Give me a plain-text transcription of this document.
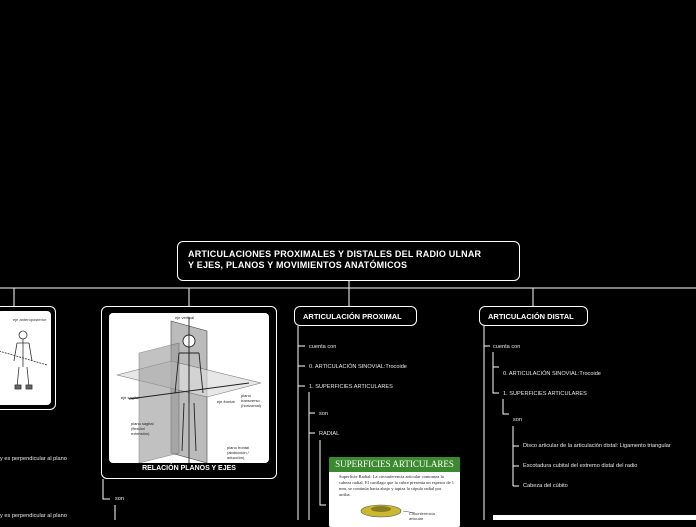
ARTICULACIONES PROXIMALES Y DISTALES DEL RADIO ULNAR
Y EJES, PLANOS Y MOVIMIENTOS ANATÓMICOS
eje anteroposterior
y es perpendicular al plano
y es perpendicular al plano
eje vertical
eje sagital
eje frontal
plano transverso (horizontal)
plano sagital (flexión/ extensión)
plano frontal (abducción / aducción)
RELACIÓN PLANOS Y EJES
son
ARTICULACIÓN PROXIMAL
cuenta con
0. ARTICULACIÓN SINOVIAL:Trocoide
1. SUPERFICIES ARTICULARES
son
RADIAL
SUPERFICIES ARTICULARES
Superficie Radial: La circunferencia articular contornea la cabeza radial. El cartílago que la cubre presenta un espesor de 1 mm, se continúa hacia abajo y tapiza la cúpula radial por arriba.
Circunferencia articular
ARTICULACIÓN DISTAL
cuenta con
0. ARTICULACIÓN SINOVIAL:Trocoide
1. SUPERFICIES ARTICULARES
son
Disco articular de la articulación distal: Ligamento triangular
Escotadura cubital del extremo distal del radio
Cabeza del cúbito
